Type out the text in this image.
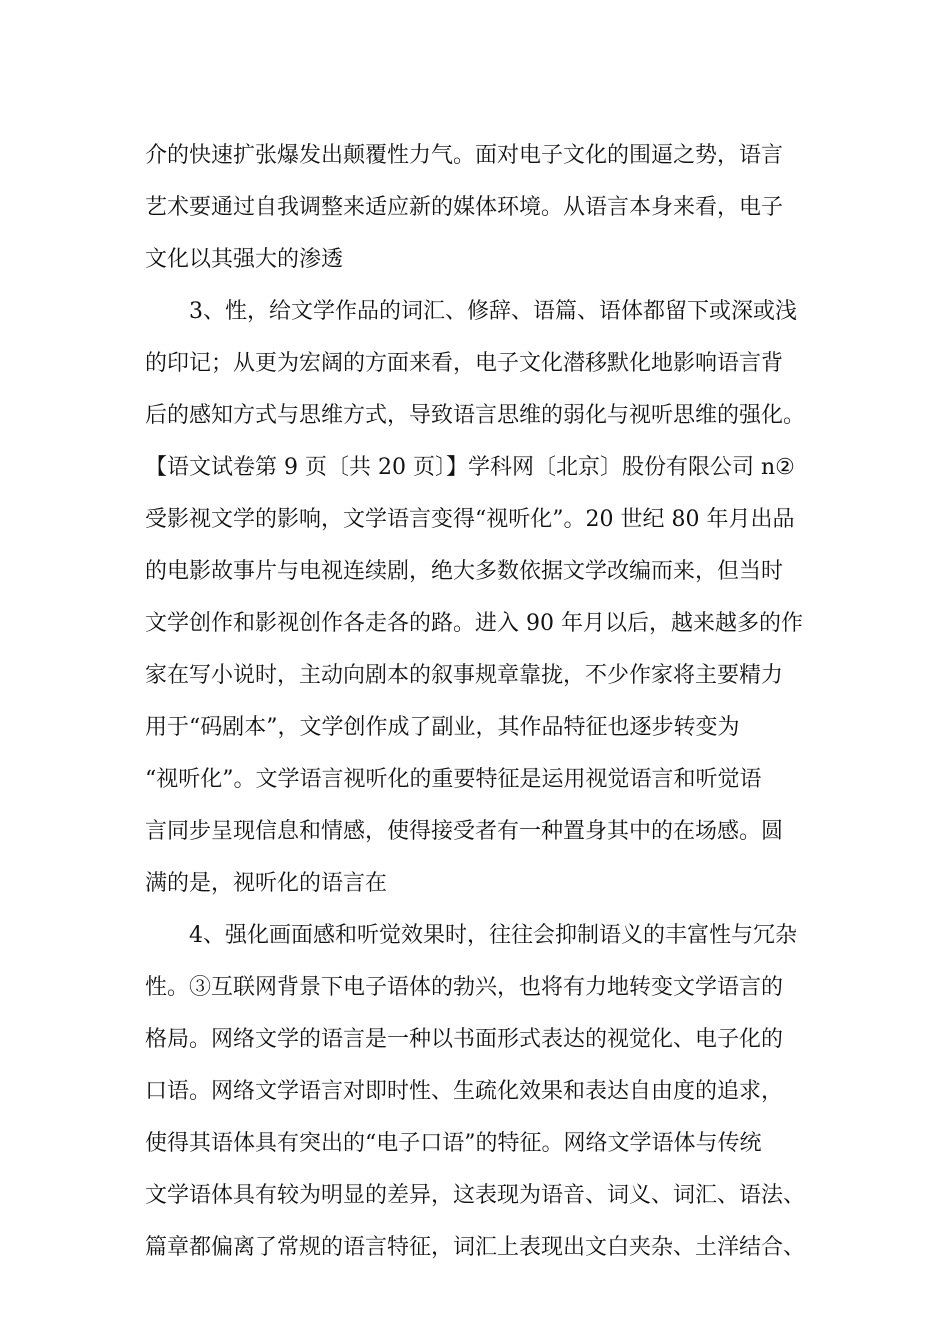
介的快速扩张爆发出颠覆性力气。面对电子文化的围逼之势，语言
艺术要通过自我调整来适应新的媒体环境。从语言本身来看，电子
文化以其强大的渗透
3、性，给文学作品的词汇、修辞、语篇、语体都留下或深或浅
的印记；从更为宏阔的方面来看，电子文化潜移默化地影响语言背
后的感知方式与思维方式，导致语言思维的弱化与视听思维的强化。
【语文试卷第 9 页〔共 20 页〕】学科网〔北京〕股份有限公司 n②
受影视文学的影响，文学语言变得“视听化”。20 世纪 80 年月出品
的电影故事片与电视连续剧，绝大多数依据文学改编而来，但当时
文学创作和影视创作各走各的路。进入 90 年月以后，越来越多的作
家在写小说时，主动向剧本的叙事规章靠拢，不少作家将主要精力
用于“码剧本”，文学创作成了副业，其作品特征也逐步转变为
“视听化”。文学语言视听化的重要特征是运用视觉语言和听觉语
言同步呈现信息和情感，使得接受者有一种置身其中的在场感。圆
满的是，视听化的语言在
4、强化画面感和听觉效果时，往往会抑制语义的丰富性与冗杂
性。③互联网背景下电子语体的勃兴，也将有力地转变文学语言的
格局。网络文学的语言是一种以书面形式表达的视觉化、电子化的
口语。网络文学语言对即时性、生疏化效果和表达自由度的追求，
使得其语体具有突出的“电子口语”的特征。网络文学语体与传统
文学语体具有较为明显的差异，这表现为语音、词义、词汇、语法、
篇章都偏离了常规的语言特征，词汇上表现出文白夹杂、土洋结合、
